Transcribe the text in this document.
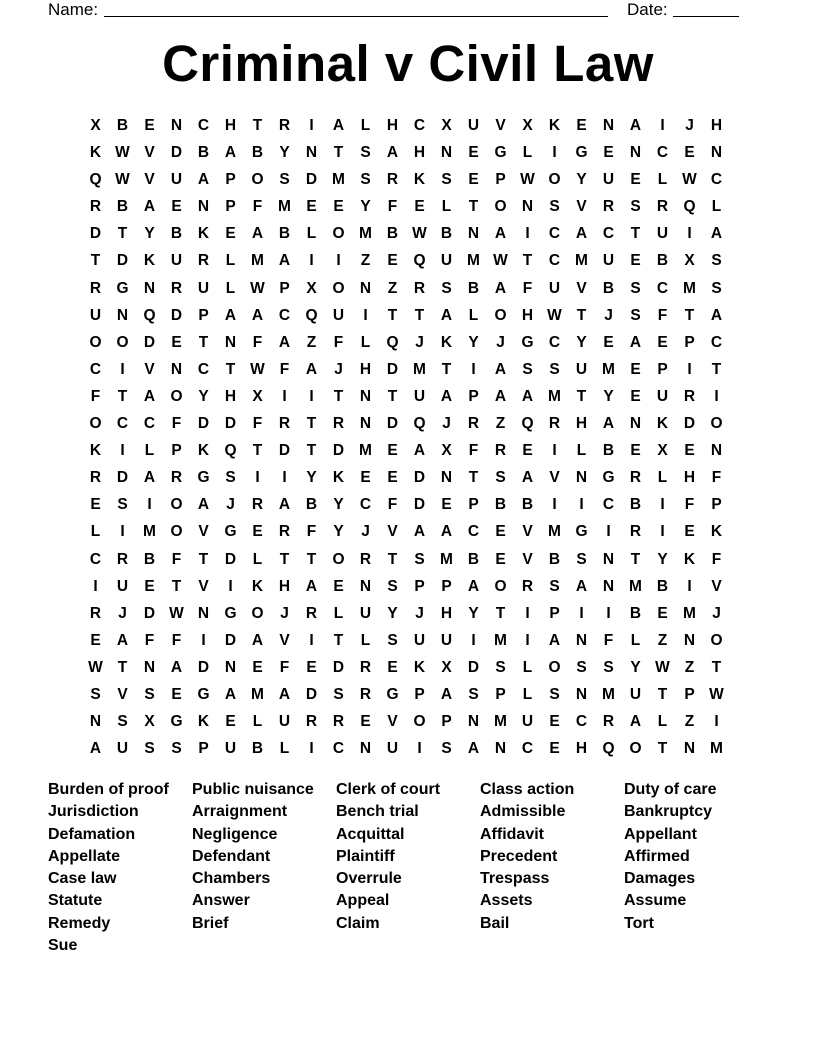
Name:	Date:
Criminal v Civil Law
X	B	E	N	C	H	T	R	I	A	L	H	C	X	U	V	X	K	E	N	A	I	J	H
K W V	D	B	A	B	Y	N	T	S	A	H	N	E	G	L	I	G	E	N	C	E	N
Q W V	U	A	P	O	S	D M S	R	K	S	E	P W O	Y	U	E	L W C
R	B	A	E	N	P	F	M E	E	Y	F	E	L	T	O N	S	V	R	S	R Q	L
D	T	Y	B	K	E	A	B	L	O M B W B	N	A	I	C	A	C	T	U	I	A
T	D	K	U	R	L	M A	I	I	Z	E	Q U M W T	C M U	E	B	X	S
R G N	R	U	L W P	X	O N	Z	R	S	B	A	F	U	V	B	S	C M S
U	N Q D	P	A	A	C Q U	I	T	T	A	L	O H W T	J	S	F	T	A
O O D	E	T	N	F	A	Z	F	L	Q	J	K	Y	J	G C	Y	E	A	E	P	C
C	I	V	N	C	T W F	A	J	H	D M	T	I	A	S	S	U M E	P	I	T
F	T	A O	Y	H	X	I	I	T	N	T	U	A	P	A	A M	T	Y	E	U	R	I
O C	C	F	D	D	F	R	T	R	N	D Q	J	R	Z	Q R	H	A	N	K	D O
K	I	L	P	K Q	T	D	T	D M E	A	X	F	R	E	I	L	B	E	X	E	N
R	D	A	R G	S	I	I	Y	K	E	E	D	N	T	S	A	V	N G R	L	H	F
E	S	I	O A	J	R	A	B	Y	C	F	D	E	P	B	B	I	I	C	B	I	F	P
L	I	M O	V	G	E	R	F	Y	J	V	A	A	C	E	V M G	I	R	I	E	K
C	R	B	F	T	D	L	T	T	O R	T	S M B	E	V	B	S	N	T	Y	K	F
I	U	E	T	V	I	K	H	A	E	N	S	P	P	A O R	S	A	N M B	I	V
R	J	D W N G O	J	R	L	U	Y	J	H	Y	T	I	P	I	I	B	E M	J
E	A	F	F	I	D	A	V	I	T	L	S	U	U	I	M	I	A	N	F	L	Z	N O
W T	N	A	D	N	E	F	E	D	R	E	K	X	D	S	L	O	S	S	Y W Z	T
S	V	S	E	G A M A	D	S	R G	P	A	S	P	L	S	N M U	T	P W
N	S	X	G K	E	L	U	R	R	E	V	O	P	N M U	E	C	R	A	L	Z	I
A	U	S	S	P	U	B	L	I	C	N	U	I	S	A	N	C	E	H Q O	T	N M
Burden of proof	Public nuisance	Clerk of court	Class action	Duty of care
Jurisdiction	Arraignment	Bench trial	Admissible	Bankruptcy
Defamation	Negligence	Acquittal	Affidavit	Appellant
Appellate	Defendant	Plaintiff	Precedent	Affirmed
Case law	Chambers	Overrule	Trespass	Damages
Statute	Answer	Appeal	Assets	Assume
Remedy	Brief	Claim	Bail	Tort
Sue
